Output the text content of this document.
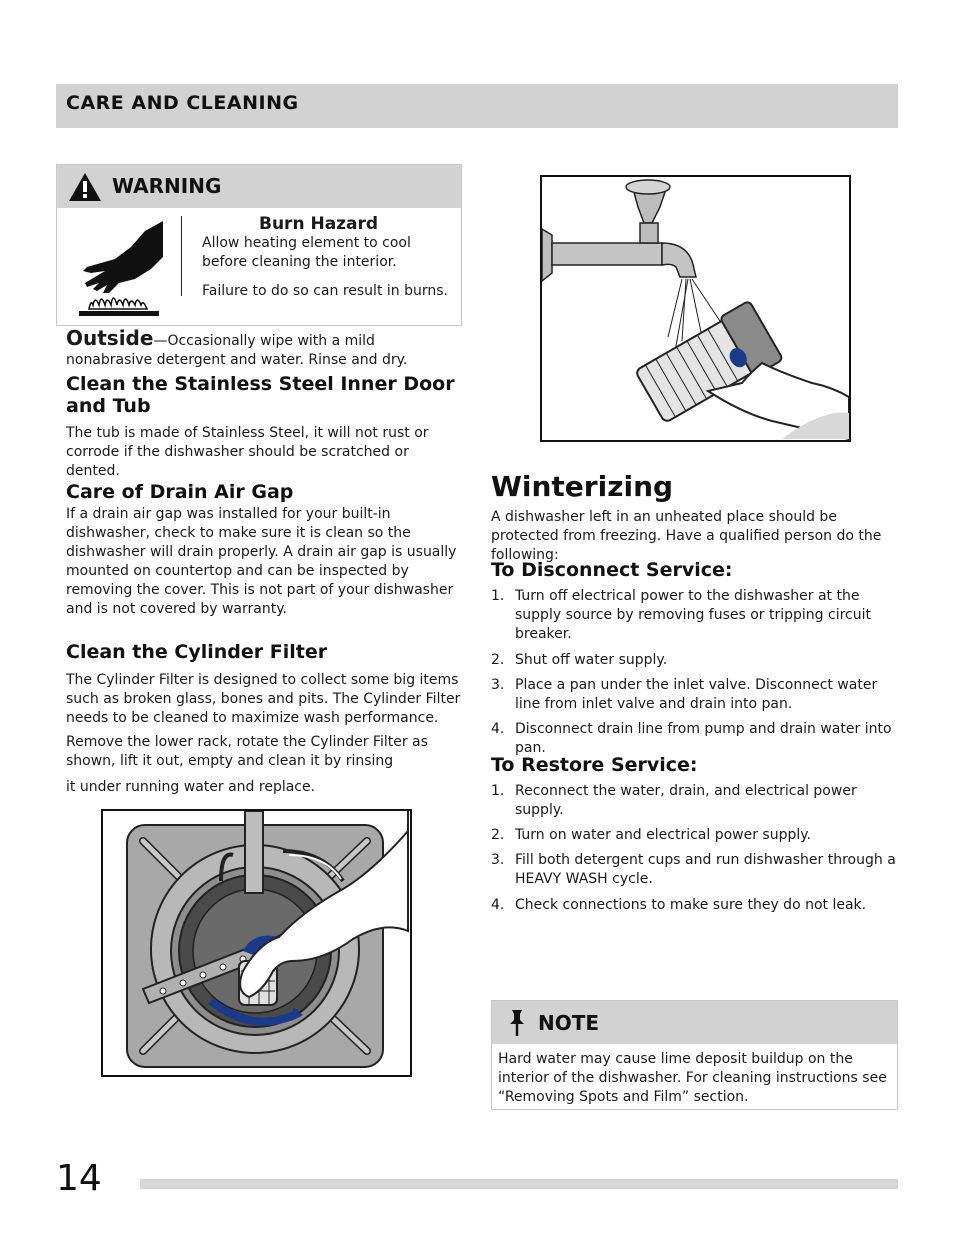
CARE AND CLEANING
WARNING
Burn Hazard
Allow heating element to cool before cleaning the interior.
Failure to do so can result in burns.
Outside—Occasionally wipe with a mild nonabrasive detergent and water. Rinse and dry.
Clean the Stainless Steel Inner Door and Tub
The tub is made of Stainless Steel, it will not rust or corrode if the dishwasher should be scratched or dented.
Care of Drain Air Gap
If a drain air gap was installed for your built-in dishwasher, check to make sure it is clean so the dishwasher will drain properly. A drain air gap is usually mounted on countertop and can be inspected by removing the cover. This is not part of your dishwasher and is not covered by warranty.
Clean the Cylinder Filter
The Cylinder Filter is designed to collect some big items such as broken glass, bones and pits. The Cylinder Filter needs to be cleaned to maximize wash performance.
Remove the lower rack, rotate the Cylinder Filter as shown, lift it out, empty and clean it by rinsing
it under running water and replace.
Winterizing
A dishwasher left in an unheated place should be protected from freezing. Have a qualified person do the following:
To Disconnect Service:
1. Turn off electrical power to the dishwasher at the supply source by removing fuses or tripping circuit breaker.
2. Shut off water supply.
3. Place a pan under the inlet valve. Disconnect water line from inlet valve and drain into pan.
4. Disconnect drain line from pump and drain water into pan.
To Restore Service:
1. Reconnect the water, drain, and electrical power supply.
2. Turn on water and electrical power supply.
3. Fill both detergent cups and run dishwasher through a HEAVY WASH cycle.
4. Check connections to make sure they do not leak.
NOTE
Hard water may cause lime deposit buildup on the interior of the dishwasher. For cleaning instructions see “Removing Spots and Film” section.
14
